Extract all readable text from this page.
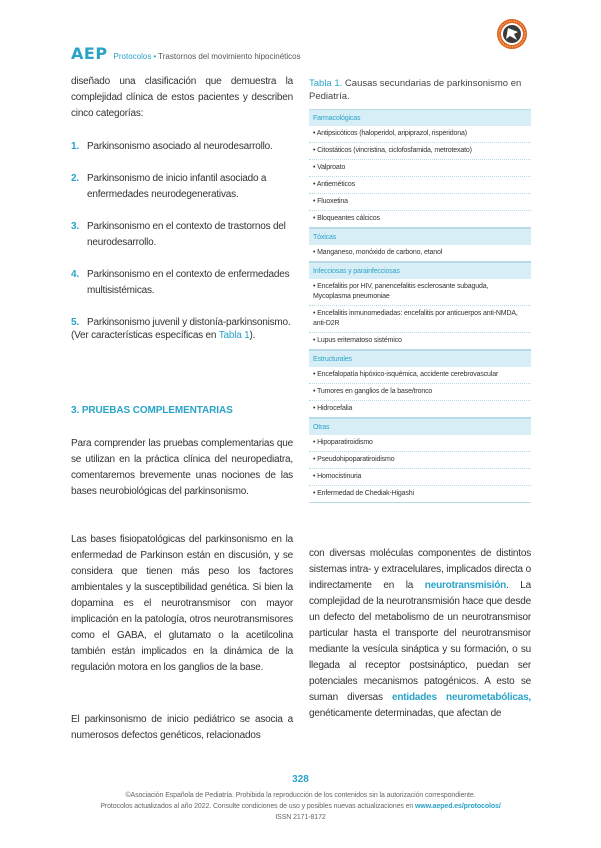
AEP Protocolos • Trastornos del movimiento hipocinéticos

diseñado una clasificación que demuestra la complejidad clínica de estos pacientes y describen cinco categorías:

1. Parkinsonismo asociado al neurodesarrollo.
2. Parkinsonismo de inicio infantil asociado a enfermedades neurodegenerativas.
3. Parkinsonismo en el contexto de trastornos del neurodesarrollo.
4. Parkinsonismo en el contexto de enfermedades multisistémicas.
5. Parkinsonismo juvenil y distonía-parkinsonismo.

(Ver características específicas en Tabla 1).

3. PRUEBAS COMPLEMENTARIAS

Para comprender las pruebas complementarias que se utilizan en la práctica clínica del neuropediatra, comentaremos brevemente unas nociones de las bases neurobiológicas del parkinsonismo.

Las bases fisiopatológicas del parkinsonismo en la enfermedad de Parkinson están en discusión, y se considera que tienen más peso los factores ambientales y la susceptibilidad genética. Si bien la dopamina es el neurotransmisor con mayor implicación en la patología, otros neurotransmisores como el GABA, el glutamato o la acetilcolina también están implicados en la dinámica de la regulación motora en los ganglios de la base.

El parkinsonismo de inicio pediátrico se asocia a numerosos defectos genéticos, relacionados

con diversas moléculas componentes de distintos sistemas intra- y extracelulares, implicados directa o indirectamente en la neurotransmisión. La complejidad de la neurotransmisión hace que desde un defecto del metabolismo de un neurotransmisor particular hasta el transporte del neurotransmisor mediante la vesícula sináptica y su formación, o su llegada al receptor postsináptico, puedan ser potenciales mecanismos patogénicos. A esto se suman diversas entidades neurometabólicas, genéticamente determinadas, que afectan de

Tabla 1. Causas secundarias de parkinsonismo en Pediatría.

Farmacológicas
• Antipsicóticos (haloperidol, aripiprazol, risperidona)
• Citostáticos (vincristina, ciclofosfamida, metrotexato)
• Valproato
• Antieméticos
• Fluoxetina
• Bloqueantes cálcicos
Tóxicas
• Manganeso, monóxido de carbono, etanol
Infecciosas y parainfecciosas
• Encefalitis por HIV, panencefalitis esclerosante subaguda, Mycoplasma pneumoniae
• Encefalitis inmunomediadas: encefalitis por anticuerpos anti-NMDA, anti-D2R
• Lupus eritematoso sistémico
Estructurales
• Encefalopatía hipóxico-isquémica, accidente cerebrovascular
• Tumores en ganglios de la base/tronco
• Hidrocefalia
Otras
• Hipoparatiroidismo
• Pseudohipoparatiroidismo
• Homocistinuria
• Enfermedad de Chediak-Higashi
328
©Asociación Española de Pediatría. Prohibida la reproducción de los contenidos sin la autorización correspondiente.
Protocolos actualizados al año 2022. Consulte condiciones de uso y posibles nuevas actualizaciones en www.aeped.es/protocolos/
ISSN 2171-8172
